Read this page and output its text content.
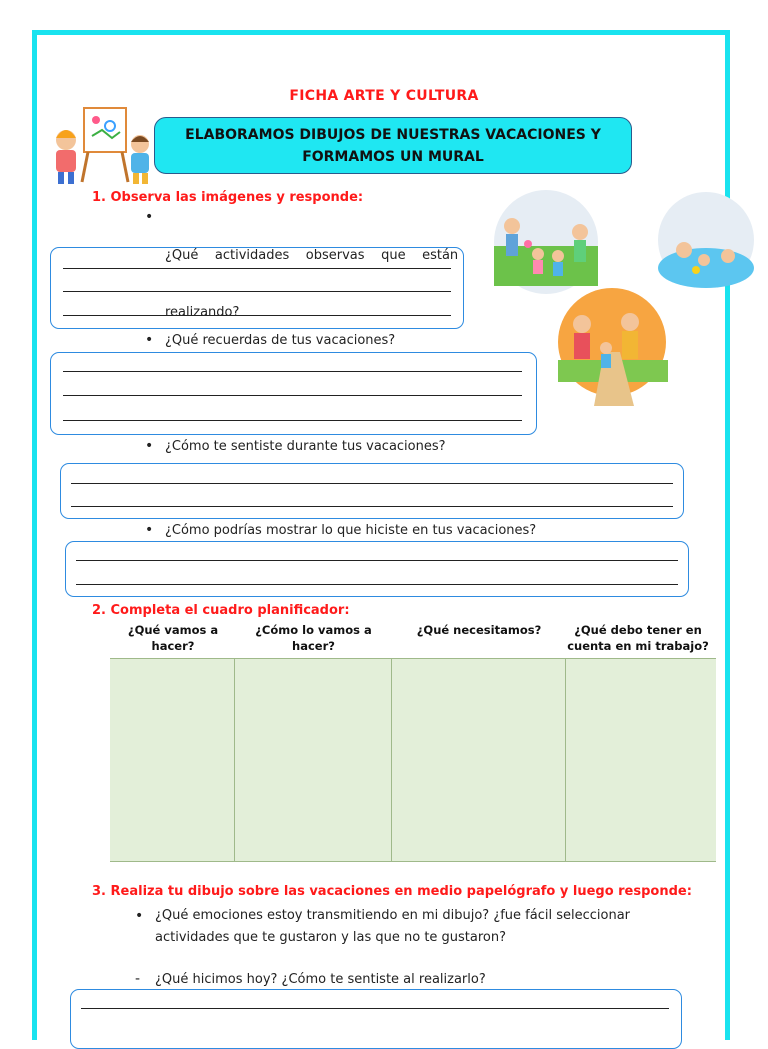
FICHA ARTE Y CULTURA
ELABORAMOS DIBUJOS DE NUESTRAS VACACIONES Y
FORMAMOS UN MURAL
1. Observa las imágenes y responde:

• ¿Qué    actividades    observas    que    están

realizando?

• ¿Qué recuerdas de tus vacaciones?
• ¿Cómo te sentiste durante tus vacaciones?
• ¿Cómo podrías mostrar lo que hiciste en tus vacaciones?
2. Completa el cuadro planificador:
¿Qué vamos a
hacer?
¿Cómo lo vamos a
hacer?
¿Qué necesitamos?	¿Qué debo tener en
cuenta en mi trabajo?
3. Realiza tu dibujo sobre las vacaciones en medio papelógrafo y luego responde:
• ¿Qué emociones estoy transmitiendo en mi dibujo? ¿fue fácil seleccionar
actividades que te gustaron y las que no te gustaron?
- ¿Qué hicimos hoy? ¿Cómo te sentiste al realizarlo?
